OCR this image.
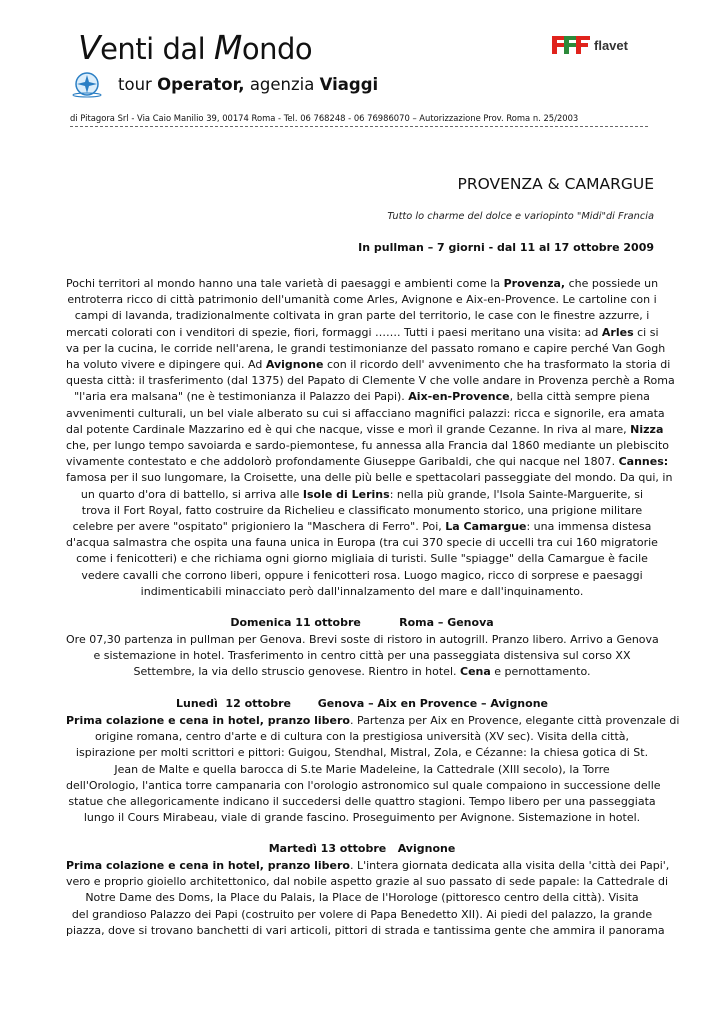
Venti dal Mondo	flavet
tour Operator, agenzia Viaggi
di Pitagora Srl - Via Caio Manilio 39, 00174 Roma - Tel. 06 768248 - 06 76986070 – Autorizzazione Prov. Roma n. 25/2003
PROVENZA & CAMARGUE
Tutto lo charme del dolce e variopinto "Midi"di Francia
In pullman – 7 giorni - dal 11 al 17 ottobre 2009
Pochi territori al mondo hanno una tale varietà di paesaggi e ambienti come la Provenza, che possiede un
entroterra ricco di città patrimonio dell'umanità come Arles, Avignone e Aix-en-Provence. Le cartoline con i
campi di lavanda, tradizionalmente coltivata in gran parte del territorio, le case con le finestre azzurre, i
mercati colorati con i venditori di spezie, fiori, formaggi ……. Tutti i paesi meritano una visita: ad Arles ci si
va per la cucina, le corride nell'arena, le grandi testimonianze del passato romano e capire perché Van Gogh
ha voluto vivere e dipingere qui. Ad Avignone con il ricordo dell' avvenimento che ha trasformato la storia di
questa città: il trasferimento (dal 1375) del Papato di Clemente V che volle andare in Provenza perchè a Roma
"l'aria era malsana" (ne è testimonianza il Palazzo dei Papi). Aix-en-Provence, bella città sempre piena
avvenimenti culturali, un bel viale alberato su cui si affacciano magnifici palazzi: ricca e signorile, era amata
dal potente Cardinale Mazzarino ed è qui che nacque, visse e morì il grande Cezanne. In riva al mare, Nizza
che, per lungo tempo savoiarda e sardo-piemontese, fu annessa alla Francia dal 1860 mediante un plebiscito
vivamente contestato e che addolorò profondamente Giuseppe Garibaldi, che qui nacque nel 1807. Cannes:
famosa per il suo lungomare, la Croisette, una delle più belle e spettacolari passeggiate del mondo. Da qui, in
un quarto d'ora di battello, si arriva alle Isole di Lerins: nella più grande, l'Isola Sainte-Marguerite, si
trova il Fort Royal, fatto costruire da Richelieu e classificato monumento storico, una prigione militare
celebre per avere "ospitato" prigioniero la "Maschera di Ferro". Poi, La Camargue: una immensa distesa
d'acqua salmastra che ospita una fauna unica in Europa (tra cui 370 specie di uccelli tra cui 160 migratorie
come i fenicotteri) e che richiama ogni giorno migliaia di turisti. Sulle "spiagge" della Camargue è facile
vedere cavalli che corrono liberi, oppure i fenicotteri rosa. Luogo magico, ricco di sorprese e paesaggi
indimenticabili minacciato però dall'innalzamento del mare e dall'inquinamento.
Domenica 11 ottobre          Roma – Genova
Ore 07,30 partenza in pullman per Genova. Brevi soste di ristoro in autogrill. Pranzo libero. Arrivo a Genova
e sistemazione in hotel. Trasferimento in centro città per una passeggiata distensiva sul corso XX
Settembre, la via dello struscio genovese. Rientro in hotel. Cena e pernottamento.
Lunedì  12 ottobre       Genova – Aix en Provence – Avignone
Prima colazione e cena in hotel, pranzo libero. Partenza per Aix en Provence, elegante città provenzale di
origine romana, centro d'arte e di cultura con la prestigiosa università (XV sec). Visita della città,
ispirazione per molti scrittori e pittori: Guigou, Stendhal, Mistral, Zola, e Cézanne: la chiesa gotica di St.
Jean de Malte e quella barocca di S.te Marie Madeleine, la Cattedrale (XIII secolo), la Torre
dell'Orologio, l'antica torre campanaria con l'orologio astronomico sul quale compaiono in successione delle
statue che allegoricamente indicano il succedersi delle quattro stagioni. Tempo libero per una passeggiata
lungo il Cours Mirabeau, viale di grande fascino. Proseguimento per Avignone. Sistemazione in hotel.
Martedì 13 ottobre   Avignone
Prima colazione e cena in hotel, pranzo libero. L'intera giornata dedicata alla visita della 'città dei Papi',
vero e proprio gioiello architettonico, dal nobile aspetto grazie al suo passato di sede papale: la Cattedrale di
Notre Dame des Doms, la Place du Palais, la Place de l'Horologe (pittoresco centro della città). Visita
del grandioso Palazzo dei Papi (costruito per volere di Papa Benedetto XII). Ai piedi del palazzo, la grande
piazza, dove si trovano banchetti di vari articoli, pittori di strada e tantissima gente che ammira il panorama
